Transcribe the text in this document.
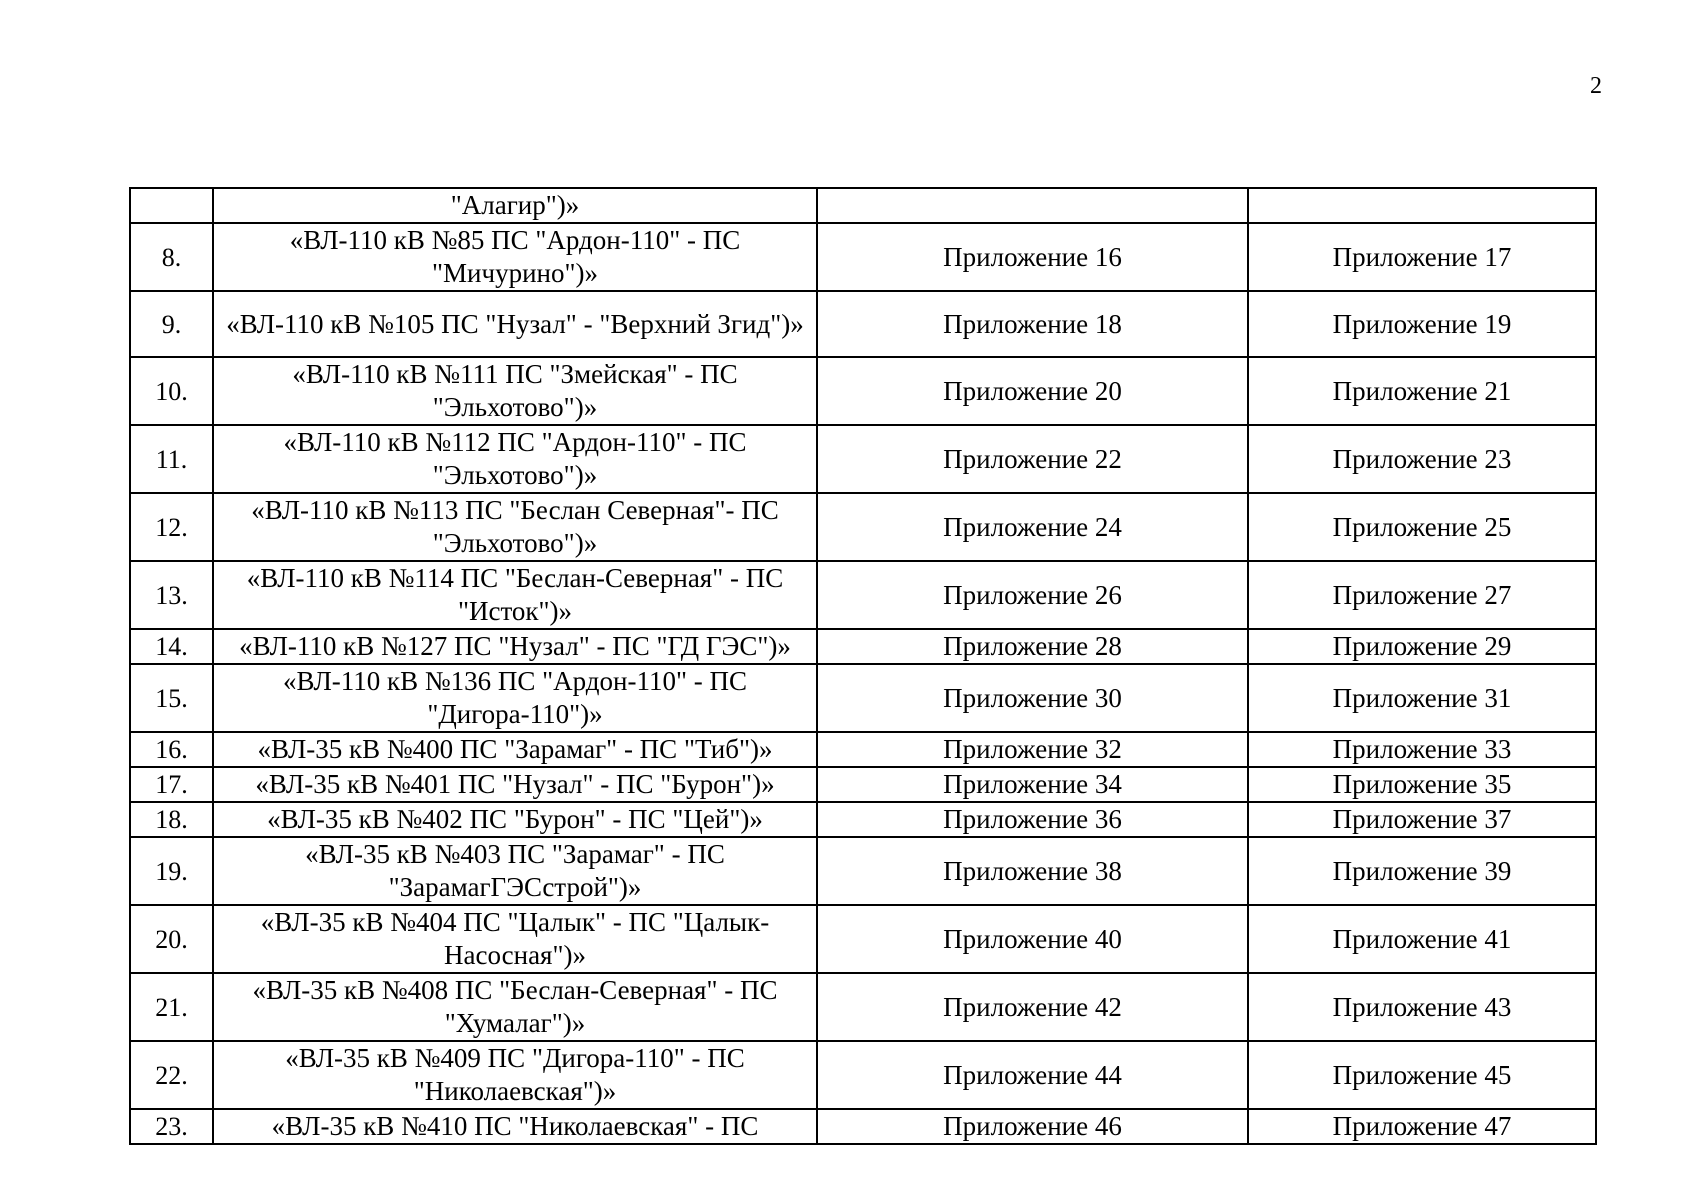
2
	"Алагир")»		
8.	«ВЛ-110 кВ №85 ПС "Ардон-110" - ПС "Мичурино")»	Приложение 16	Приложение 17
9.	«ВЛ-110 кВ №105 ПС "Нузал" - "Верхний Згид")»	Приложение 18	Приложение 19
10.	«ВЛ-110 кВ №111 ПС "Змейская" - ПС "Эльхотово")»	Приложение 20	Приложение 21
11.	«ВЛ-110 кВ №112 ПС "Ардон-110" - ПС "Эльхотово")»	Приложение 22	Приложение 23
12.	«ВЛ-110 кВ №113 ПС "Беслан Северная"- ПС "Эльхотово")»	Приложение 24	Приложение 25
13.	«ВЛ-110 кВ №114 ПС "Беслан-Северная" - ПС "Исток")»	Приложение 26	Приложение 27
14.	«ВЛ-110 кВ №127 ПС "Нузал" - ПС "ГД ГЭС")»	Приложение 28	Приложение 29
15.	«ВЛ-110 кВ №136 ПС "Ардон-110" - ПС "Дигора-110")»	Приложение 30	Приложение 31
16.	«ВЛ-35 кВ №400 ПС "Зарамаг" - ПС "Тиб")»	Приложение 32	Приложение 33
17.	«ВЛ-35 кВ №401 ПС "Нузал" - ПС "Бурон")»	Приложение 34	Приложение 35
18.	«ВЛ-35 кВ №402 ПС "Бурон" - ПС "Цей")»	Приложение 36	Приложение 37
19.	«ВЛ-35 кВ №403 ПС "Зарамаг" - ПС "ЗарамагГЭСстрой")»	Приложение 38	Приложение 39
20.	«ВЛ-35 кВ №404 ПС "Цалык" - ПС "Цалык-Насосная")»	Приложение 40	Приложение 41
21.	«ВЛ-35 кВ №408 ПС "Беслан-Северная" - ПС "Хумалаг")»	Приложение 42	Приложение 43
22.	«ВЛ-35 кВ №409 ПС "Дигора-110" - ПС "Николаевская")»	Приложение 44	Приложение 45
23.	«ВЛ-35 кВ №410 ПС "Николаевская" - ПС	Приложение 46	Приложение 47
